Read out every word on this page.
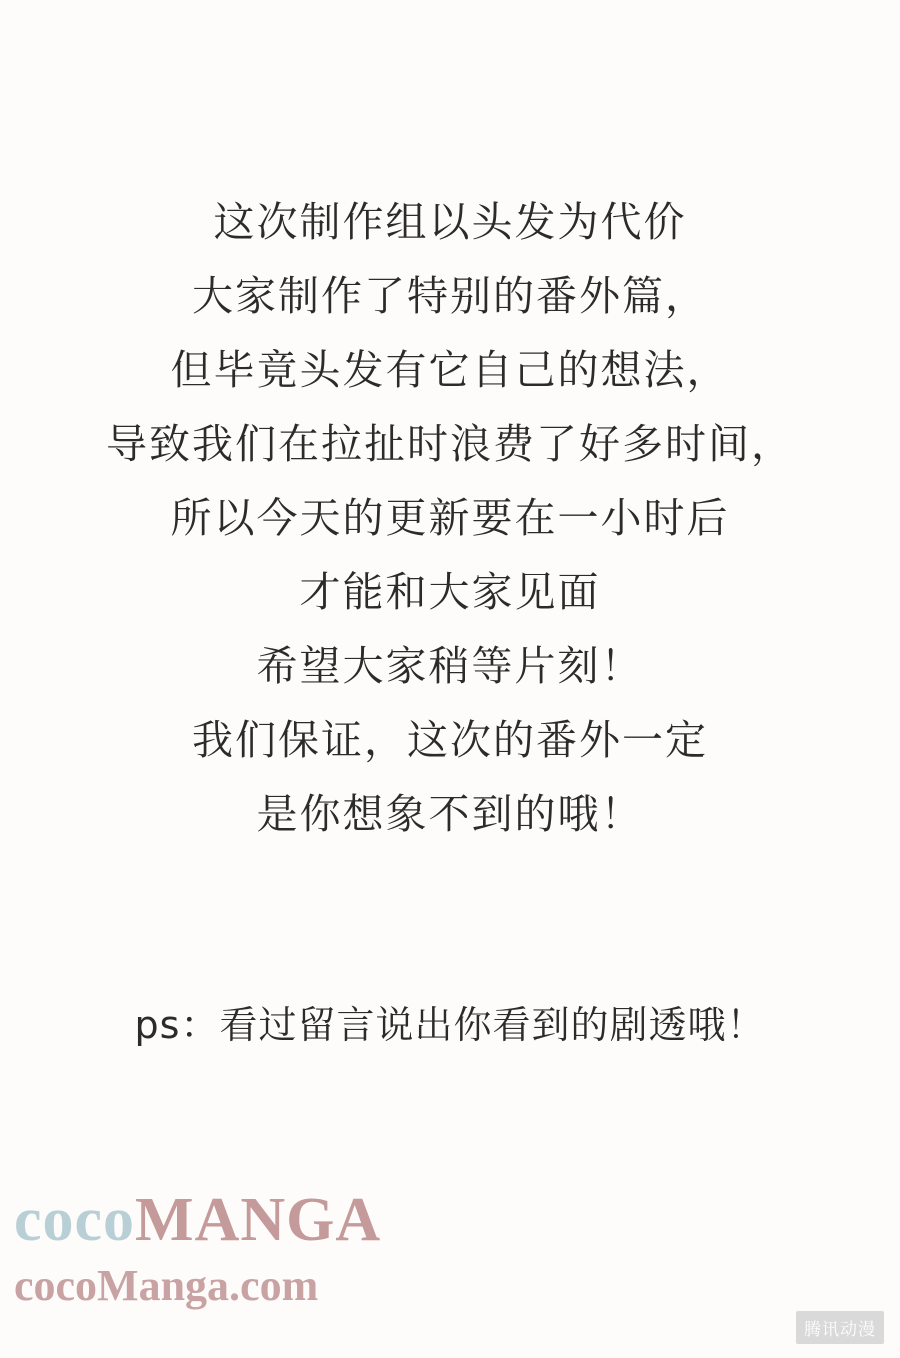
这次制作组以头发为代价
大家制作了特别的番外篇，
但毕竟头发有它自己的想法，
导致我们在拉扯时浪费了好多时间，
所以今天的更新要在一小时后
才能和大家见面
希望大家稍等片刻！
我们保证，这次的番外一定
是你想象不到的哦！
ps：看过留言说出你看到的剧透哦！
cocoMANGA
cocoManga.com
腾讯动漫
